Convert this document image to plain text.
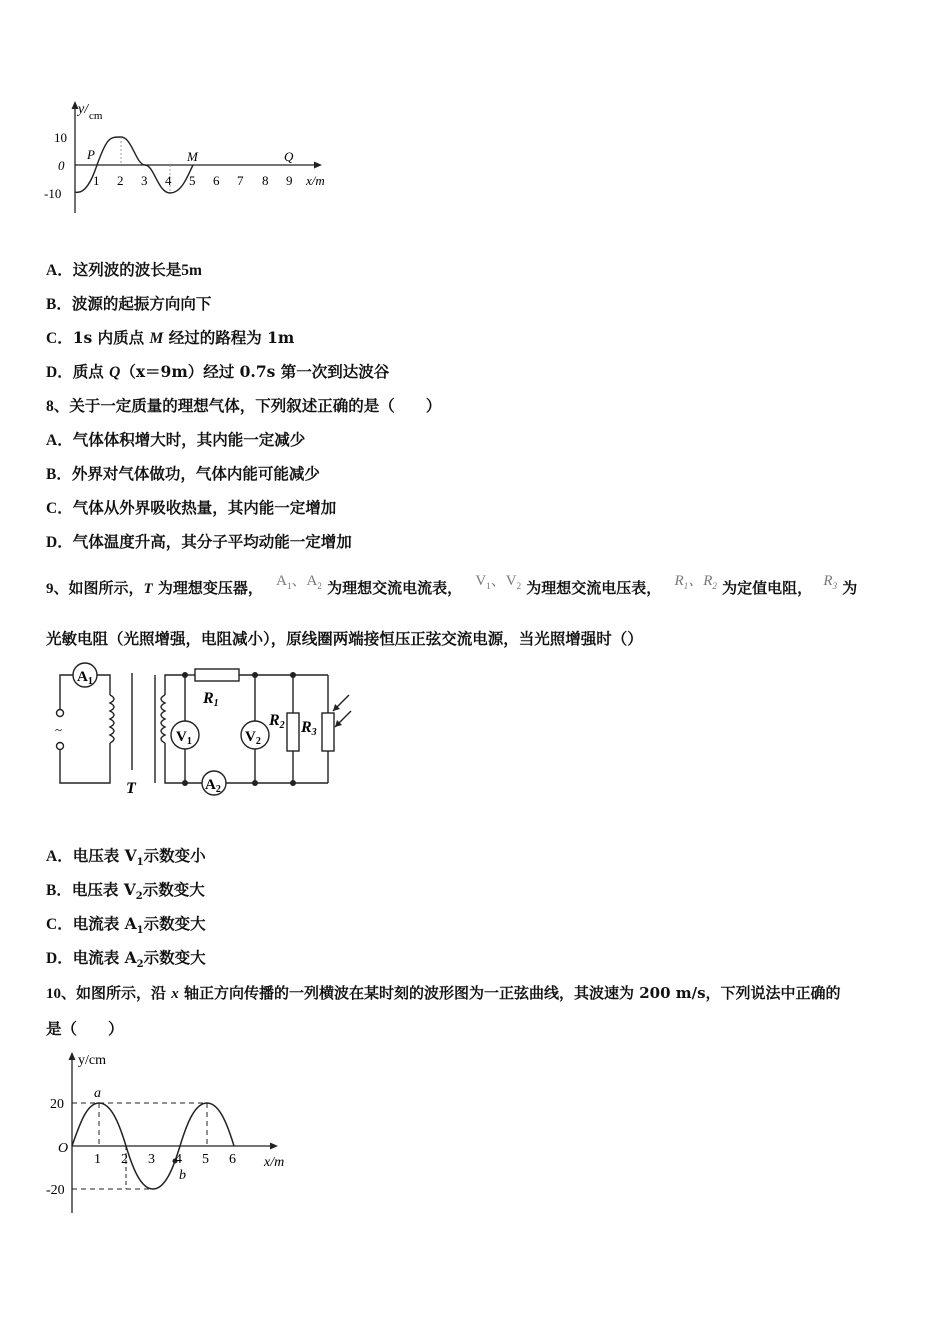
y/ cm
10
0
-10
P	M	Q
1 2 3 4 5 6 7 8 9 x/m
A．这列波的波长是5m
B．波源的起振方向向下
C．1s 内质点 M 经过的路程为 1m
D．质点 Q（x＝9m）经过 0.7s 第一次到达波谷
8、关于一定质量的理想气体，下列叙述正确的是（　　）
A．气体体积增大时，其内能一定减少
B．外界对气体做功，气体内能可能减少
C．气体从外界吸收热量，其内能一定增加
D．气体温度升高，其分子平均动能一定增加
9、如图所示，T 为理想变压器， $A_1$、$A_2$ 为理想交流电流表， $V_1$、$V_2$ 为理想交流电压表， $R_1$、$R_2$ 为定值电阻， $R_3$ 为
光敏电阻（光照增强，电阻减小），原线圈两端接恒压正弦交流电源，当光照增强时（）
~
$A_1$
R1
$V_1$	$V_2$
R2 R3
$A_2$
T
A．电压表 $V_1$示数变小
B．电压表 $V_2$示数变大
C．电流表 $A_1$示数变大
D．电流表 $A_2$示数变大
10、如图所示，沿 x 轴正方向传播的一列横波在某时刻的波形图为一正弦曲线，其波速为 200 m/s，下列说法中正确的
是（　　）
y/cm
20
-20
O
a
b
1 2 3 4 5 6 x/m
